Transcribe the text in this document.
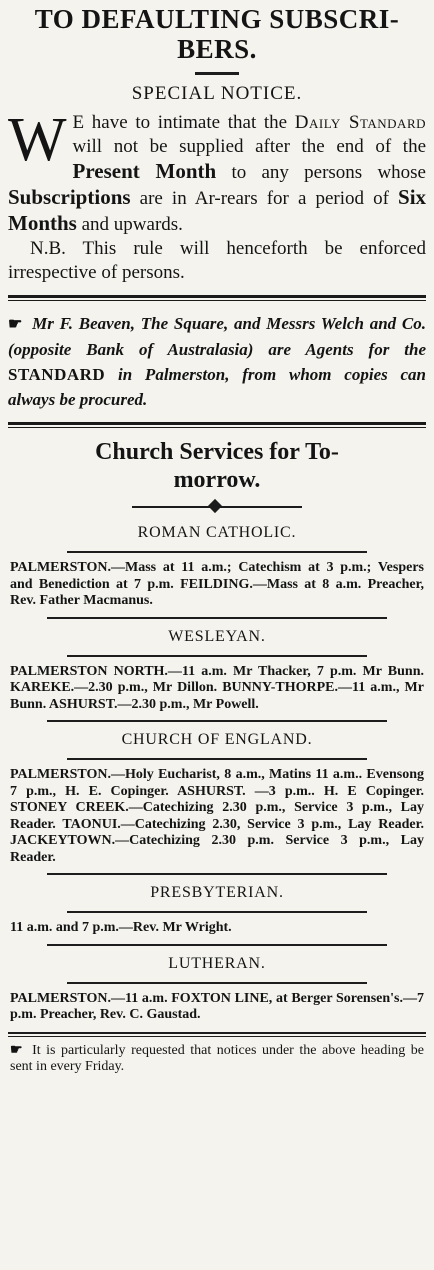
TO DEFAULTING SUBSCRI-
BERS.
SPECIAL NOTICE.

W E have to intimate that the Daily Standard will not be supplied after the end of the Present Month to any persons whose Subscriptions are in Ar-rears for a period of Six Months and upwards.

N.B. This rule will henceforth be enforced irrespective of persons.

☛ Mr F. Beaven, The Square, and Messrs Welch and Co. (opposite Bank of Australasia) are Agents for the STANDARD in Palmerston, from whom copies can always be procured.

Church Services for To-
morrow.
ROMAN CATHOLIC.

PALMERSTON.—Mass at 11 a.m.; Catechism at 3 p.m.; Vespers and Benediction at 7 p.m. FEILDING.—Mass at 8 a.m. Preacher, Rev. Father Macmanus.

WESLEYAN.

PALMERSTON NORTH.—11 a.m. Mr Thacker, 7 p.m. Mr Bunn. KAREKE.—2.30 p.m., Mr Dillon. BUNNY-THORPE.—11 a.m., Mr Bunn. ASHURST.—2.30 p.m., Mr Powell.

CHURCH OF ENGLAND.

PALMERSTON.—Holy Eucharist, 8 a.m., Matins 11 a.m.. Evensong 7 p.m., H. E. Copinger. ASHURST. —3 p.m.. H. E Copinger. STONEY CREEK.—Catechizing 2.30 p.m., Service 3 p.m., Lay Reader. TAONUI.—Catechizing 2.30, Service 3 p.m., Lay Reader. JACKEYTOWN.—Catechizing 2.30 p.m. Service 3 p.m., Lay Reader.

PRESBYTERIAN.

11 a.m. and 7 p.m.—Rev. Mr Wright.

LUTHERAN.

PALMERSTON.—11 a.m. FOXTON LINE, at Berger Sorensen's.—7 p.m. Preacher, Rev. C. Gaustad.

☛ It is particularly requested that notices under the above heading be sent in every Friday.
